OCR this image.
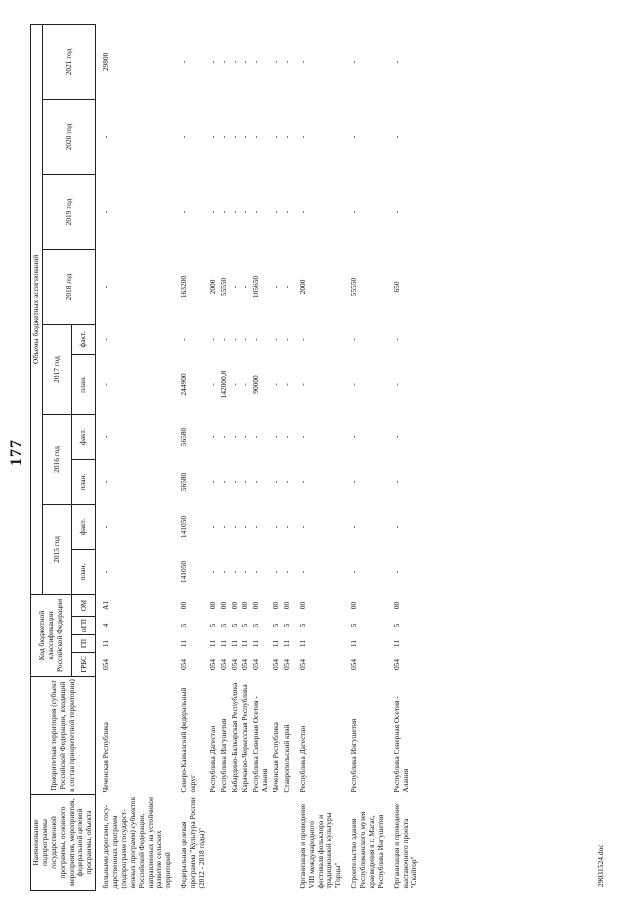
177
Наименование подпрограммы государственной программы, основного мероприятия, мероприятия, федеральной целевой программы, объекта	Приоритетная территория (субъект Российской Федерации, входящий в состав приоритетной территории)	Код бюджетной классификации Российской Федерации				Объемы бюджетных ассигнований									
						2015 год		2016 год		2017 год		2018 год	2019 год	2020 год	2021 год
		ГРБС	ГП	пГП	ОМ	план.	факт.	план.	факт.	план.	факт.				

бильными дорогами, госу-дарственных программ (подпрограмм государст-венных программ) субъектов Российской Федерации, направленных на устойчивое развитие сельских территорий	Чеченская Республика	054	11	4	А1	-	-	-	-	-	-	-	-	-	29800
Федеральная целевая программа "Культура России (2012 - 2018 годы)"	Северо-Кавказский федеральный округ	054	11	5	00	141050	141050	56580	56580	244900	-	163200	-	-	-
	Республика Дагестан	054	11	5	00	-	-	-	-	-	-	2000	-	-	-
	Республика Ингушетия	054	11	5	00	-	-	-	-	142000,8	-	55550	-	-	-
	Кабардино-Балкарская Республика	054	11	5	00	-	-	-	-	-	-	-	-	-	-
	Карачаево-Черкесская Республика	054	11	5	00	-	-	-	-	-	-	-	-	-	-
	Республика Северная Осетия - Алания	054	11	5	00	-	-	-	-	90000	-	105650	-	-	-
	Чеченская Республика	054	11	5	00	-	-	-	-	-	-	-	-	-	-
	Ставропольский край	054	11	5	00	-	-	-	-	-	-	-	-	-	-
Организация и проведение VIII международного фестиваля фольклора и традиционной культуры "Горцы"	Республика Дагестан	054	11	5	00	-	-	-	-	-	-	2000	-	-	-
Строительство здания Республиканского музея краеведения в г. Магас, Республика Ингушетия	Республика Ингушетия	054	11	5	00	-	-	-	-	-	-	55550	-	-	-
Организация и проведение выставочного проекта "Скайтор"	Республика Северная Осетия - Алания	054	11	5	00	-	-	-	-	-	-	650	-	-	-
29031524.doc
